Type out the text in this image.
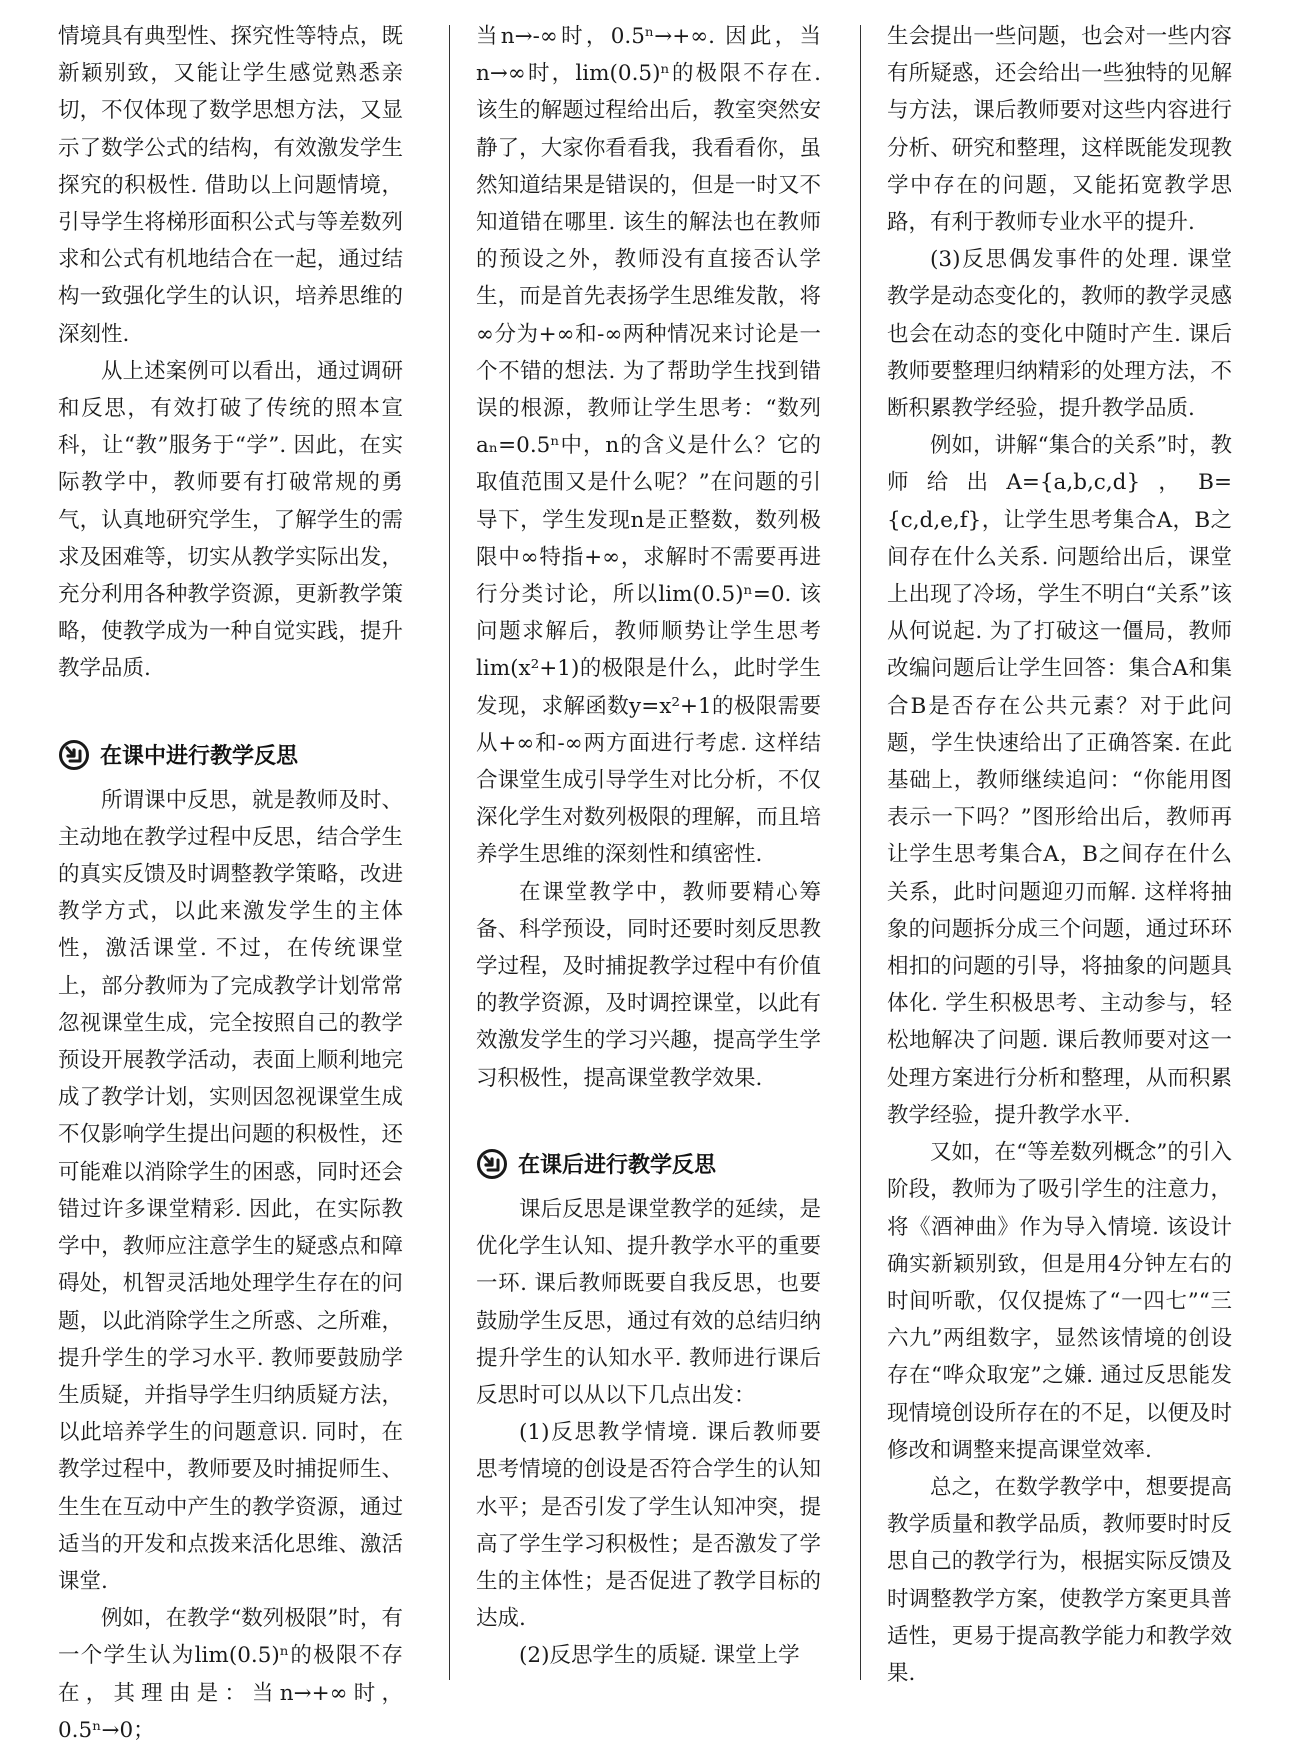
情境具有典型性、探究性等特点，既新颖别致，又能让学生感觉熟悉亲切，不仅体现了数学思想方法，又显示了数学公式的结构，有效激发学生探究的积极性. 借助以上问题情境，引导学生将梯形面积公式与等差数列求和公式有机地结合在一起，通过结构一致强化学生的认识，培养思维的深刻性.

从上述案例可以看出，通过调研和反思，有效打破了传统的照本宣科，让“教”服务于“学”. 因此，在实际教学中，教师要有打破常规的勇气，认真地研究学生，了解学生的需求及困难等，切实从教学实际出发，充分利用各种教学资源，更新教学策略，使教学成为一种自觉实践，提升教学品质.

在课中进行教学反思

所谓课中反思，就是教师及时、主动地在教学过程中反思，结合学生的真实反馈及时调整教学策略，改进教学方式，以此来激发学生的主体性，激活课堂. 不过，在传统课堂上，部分教师为了完成教学计划常常忽视课堂生成，完全按照自己的教学预设开展教学活动，表面上顺利地完成了教学计划，实则因忽视课堂生成不仅影响学生提出问题的积极性，还可能难以消除学生的困惑，同时还会错过许多课堂精彩. 因此，在实际教学中，教师应注意学生的疑惑点和障碍处，机智灵活地处理学生存在的问题，以此消除学生之所惑、之所难，提升学生的学习水平. 教师要鼓励学生质疑，并指导学生归纳质疑方法，以此培养学生的问题意识. 同时，在教学过程中，教师要及时捕捉师生、生生在互动中产生的教学资源，通过适当的开发和点拨来活化思维、激活课堂.

例如，在教学“数列极限”时，有一个学生认为lim(0.5)ⁿ的极限不存在，其理由是：当n→+∞时，0.5ⁿ→0；

当n→-∞时，0.5ⁿ→+∞. 因此，当n→∞时，lim(0.5)ⁿ的极限不存在. 该生的解题过程给出后，教室突然安静了，大家你看看我，我看看你，虽然知道结果是错误的，但是一时又不知道错在哪里. 该生的解法也在教师的预设之外，教师没有直接否认学生，而是首先表扬学生思维发散，将∞分为+∞和-∞两种情况来讨论是一个不错的想法. 为了帮助学生找到错误的根源，教师让学生思考：“数列aₙ=0.5ⁿ中，n的含义是什么？它的取值范围又是什么呢？”在问题的引导下，学生发现n是正整数，数列极限中∞特指+∞，求解时不需要再进行分类讨论，所以lim(0.5)ⁿ=0. 该问题求解后，教师顺势让学生思考lim(x²+1)的极限是什么，此时学生发现，求解函数y=x²+1的极限需要从+∞和-∞两方面进行考虑. 这样结合课堂生成引导学生对比分析，不仅深化学生对数列极限的理解，而且培养学生思维的深刻性和缜密性.

在课堂教学中，教师要精心筹备、科学预设，同时还要时刻反思教学过程，及时捕捉教学过程中有价值的教学资源，及时调控课堂，以此有效激发学生的学习兴趣，提高学生学习积极性，提高课堂教学效果.

在课后进行教学反思

课后反思是课堂教学的延续，是优化学生认知、提升教学水平的重要一环. 课后教师既要自我反思，也要鼓励学生反思，通过有效的总结归纳提升学生的认知水平. 教师进行课后反思时可以从以下几点出发：

(1)反思教学情境. 课后教师要思考情境的创设是否符合学生的认知水平；是否引发了学生认知冲突，提高了学生学习积极性；是否激发了学生的主体性；是否促进了教学目标的达成.

(2)反思学生的质疑. 课堂上学

生会提出一些问题，也会对一些内容有所疑惑，还会给出一些独特的见解与方法，课后教师要对这些内容进行分析、研究和整理，这样既能发现教学中存在的问题，又能拓宽教学思路，有利于教师专业水平的提升.

(3)反思偶发事件的处理. 课堂教学是动态变化的，教师的教学灵感也会在动态的变化中随时产生. 课后教师要整理归纳精彩的处理方法，不断积累教学经验，提升教学品质.

例如，讲解“集合的关系”时，教师给出A={a,b,c,d}，B={c,d,e,f}，让学生思考集合A，B之间存在什么关系. 问题给出后，课堂上出现了冷场，学生不明白“关系”该从何说起. 为了打破这一僵局，教师改编问题后让学生回答：集合A和集合B是否存在公共元素？对于此问题，学生快速给出了正确答案. 在此基础上，教师继续追问：“你能用图表示一下吗？”图形给出后，教师再让学生思考集合A，B之间存在什么关系，此时问题迎刃而解. 这样将抽象的问题拆分成三个问题，通过环环相扣的问题的引导，将抽象的问题具体化. 学生积极思考、主动参与，轻松地解决了问题. 课后教师要对这一处理方案进行分析和整理，从而积累教学经验，提升教学水平.

又如，在“等差数列概念”的引入阶段，教师为了吸引学生的注意力，将《酒神曲》作为导入情境. 该设计确实新颖别致，但是用4分钟左右的时间听歌，仅仅提炼了“一四七”“三六九”两组数字，显然该情境的创设存在“哗众取宠”之嫌. 通过反思能发现情境创设所存在的不足，以便及时修改和调整来提高课堂效率.

总之，在数学教学中，想要提高教学质量和教学品质，教师要时时反思自己的教学行为，根据实际反馈及时调整教学方案，使教学方案更具普适性，更易于提高教学能力和教学效果.
